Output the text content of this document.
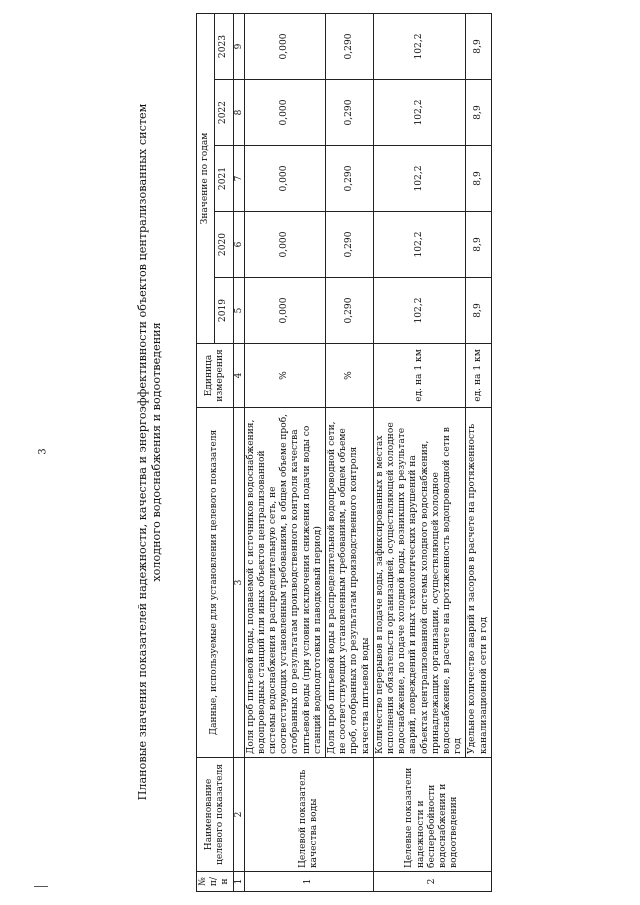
3	Плановые значения показателей надежности, качества и энергоэффективности объектов централизованных систем холодного водоснабжения и водоотведения
№ п/н	Наименование целевого показателя	Данные, используемые для установления целевого показателя	Единица измерения	Значение по годам				
				2019	2020	2021	2022	2023
1	2	3	4	5	6	7	8	9
1	Целевой показатель качества воды	Доля проб питьевой воды, подаваемой с источников водоснабжения, водопроводных станций или иных объектов централизованной системы водоснабжения в распределительную сеть, не соответствующих установленным требованиям, в общем объеме проб, отобранных по результатам производственного контроля качества питьевой воды (при условии исключения снижения подачи воды со станций водоподготовки в паводковый период)	%	0,000	0,000	0,000	0,000	0,000
		Доля проб питьевой воды в распределительной водопроводной сети, не соответствующих установленным требованиям, в общем объеме проб, отобранных по результатам производственного контроля качества питьевой воды	%	0,290	0,290	0,290	0,290	0,290
2	Целевые показатели надежности и бесперебойности водоснабжения и водоотведения	Количество перерывов в подаче воды, зафиксированных в местах исполнения обязательств организацией, осуществляющей холодное водоснабжение, по подаче холодной воды, возникших в результате аварий, повреждений и иных технологических нарушений на объектах централизованной системы холодного водоснабжения, принадлежащих организации, осуществляющей холодное водоснабжение, в расчете на протяженность водопроводной сети в год	ед. на 1 км	102,2	102,2	102,2	102,2	102,2
		Удельное количество аварий и засоров в расчете на протяженность канализационной сети в год	ед. на 1 км	8,9	8,9	8,9	8,9	8,9
